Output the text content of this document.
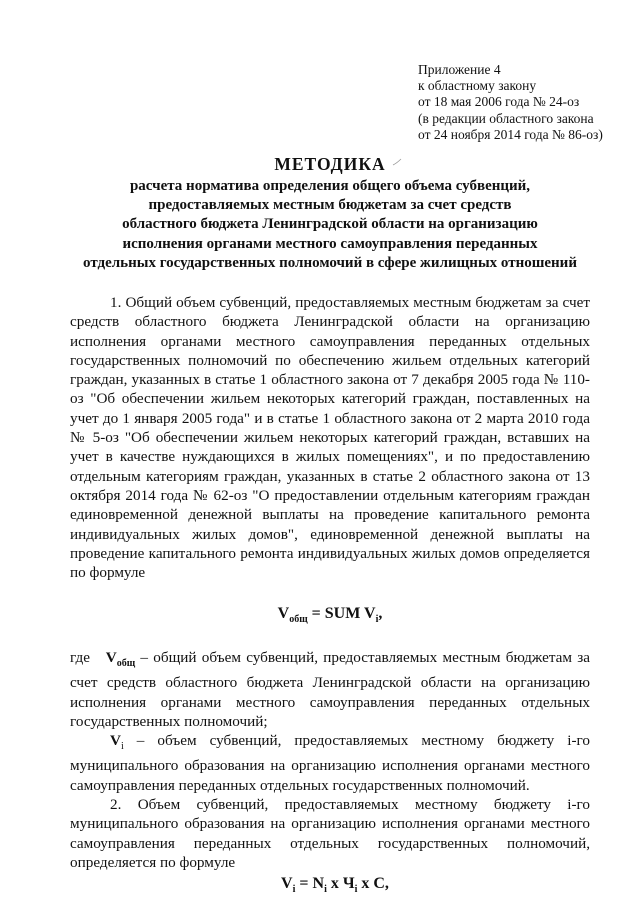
Приложение 4
к областному закону
от 18 мая 2006 года № 24-оз
(в редакции областного закона
от 24 ноября 2014 года № 86-оз)
МЕТОДИКА
расчета норматива определения общего объема субвенций,
предоставляемых местным бюджетам за счет средств
областного бюджета Ленинградской области на организацию
исполнения органами местного самоуправления переданных
отдельных государственных полномочий в сфере жилищных отношений

1. Общий объем субвенций, предоставляемых местным бюджетам за счет средств областного бюджета Ленинградской области на организацию исполнения органами местного самоуправления переданных отдельных государственных полномочий по обеспечению жильем отдельных категорий граждан, указанных в статье 1 областного закона от 7 декабря 2005 года № 110-оз "Об обеспечении жильем некоторых категорий граждан, поставленных на учет до 1 января 2005 года" и в статье 1 областного закона от 2 марта 2010 года № 5-оз "Об обеспечении жильем некоторых категорий граждан, вставших на учет в качестве нуждающихся в жилых помещениях", и по предоставлению отдельным категориям граждан, указанных в статье 2 областного закона от 13 октября 2014 года № 62-оз "О предоставлении отдельным категориям граждан единовременной денежной выплаты на проведение капитального ремонта индивидуальных жилых домов", единовременной денежной выплаты на проведение капитального ремонта индивидуальных жилых домов определяется по формуле

$V_{общ}$ = SUM $V_i$,

где $V_{общ}$ – общий объем субвенций, предоставляемых местным бюджетам за счет средств областного бюджета Ленинградской области на организацию исполнения органами местного самоуправления переданных отдельных государственных полномочий;

$V_i$ – объем субвенций, предоставляемых местному бюджету i-го муниципального образования на организацию исполнения органами местного самоуправления переданных отдельных государственных полномочий.

2. Объем субвенций, предоставляемых местному бюджету i-го муниципального образования на организацию исполнения органами местного самоуправления переданных отдельных государственных полномочий, определяется по формуле

$V_i = N_i$ x $Ч_i$ x C,
